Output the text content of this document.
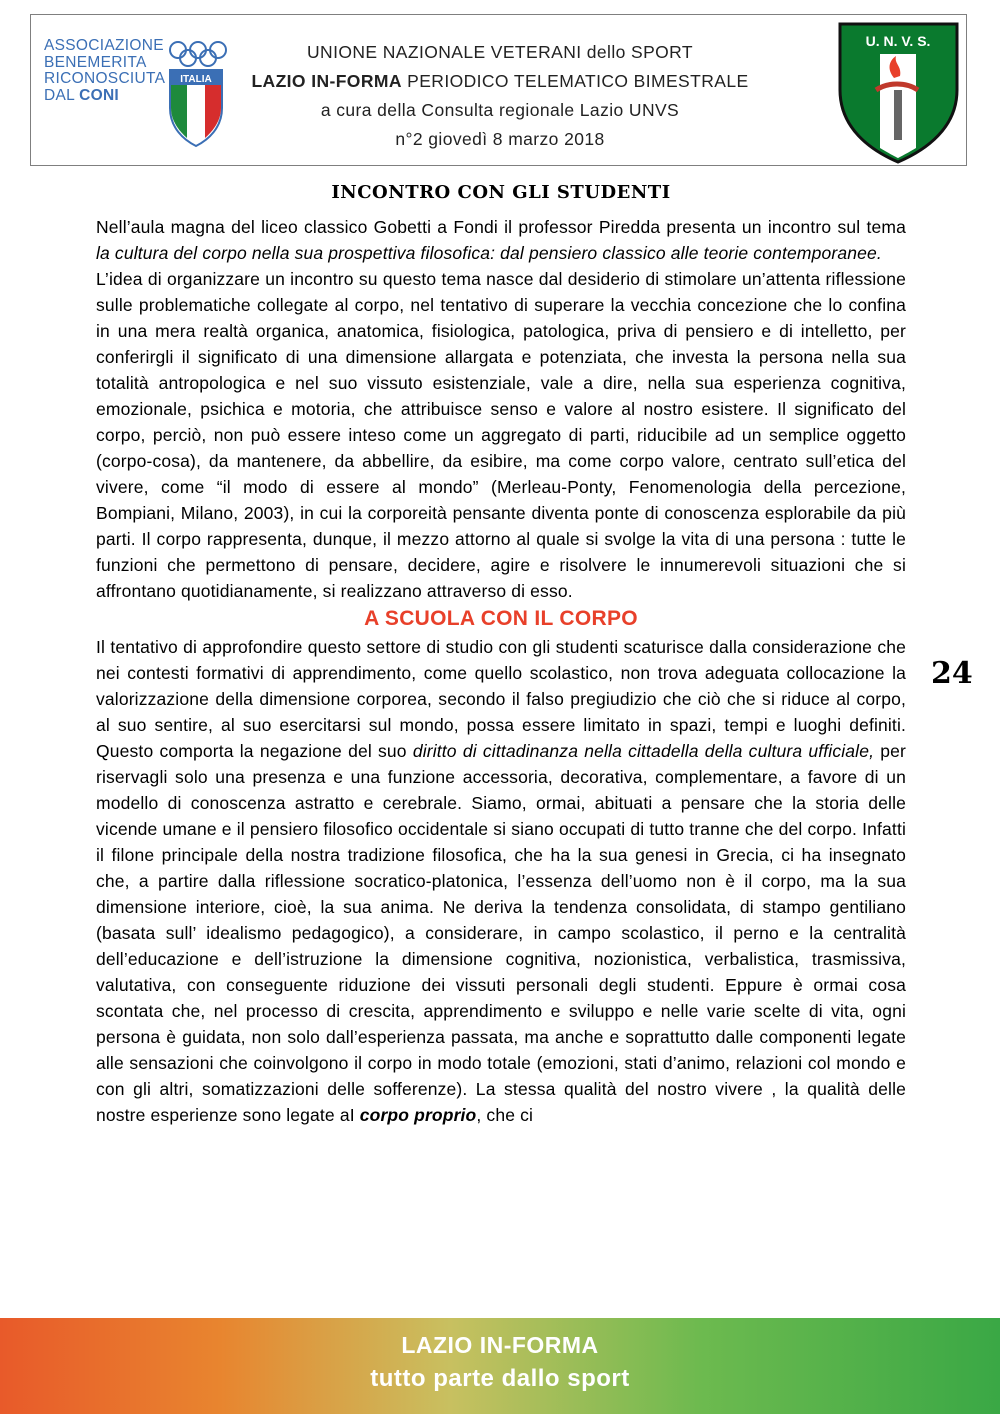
ASSOCIAZIONE
BENEMERITA
RICONOSCIUTA
DAL CONI
ITALIA
UNIONE NAZIONALE VETERANI dello SPORT
LAZIO IN-FORMA PERIODICO TELEMATICO BIMESTRALE
a cura della Consulta regionale Lazio UNVS
n°2 giovedì 8 marzo 2018
U. N. V. S.
24
INCONTRO CON GLI STUDENTI

Nell’aula magna del liceo classico Gobetti a Fondi il professor Piredda presenta un incontro sul tema la cultura del corpo nella sua prospettiva filosofica: dal pensiero classico alle teorie contemporanee.

L’idea di organizzare un incontro su questo tema nasce dal desiderio di stimolare un’attenta riflessione sulle problematiche collegate al corpo, nel tentativo di superare la vecchia concezione che lo confina in una mera realtà organica, anatomica, fisiologica, patologica, priva di pensiero e di intelletto, per conferirgli il significato di una dimensione allargata e potenziata, che investa la persona nella sua totalità antropologica e nel suo vissuto esistenziale, vale a dire, nella sua esperienza cognitiva, emozionale, psichica e motoria, che attribuisce senso e valore al nostro esistere. Il significato del corpo, perciò, non può essere inteso come un aggregato di parti, riducibile ad un semplice oggetto (corpo-cosa), da mantenere, da abbellire, da esibire, ma come corpo valore, centrato sull’etica del vivere, come “il modo di essere al mondo” (Merleau-Ponty, Fenomenologia della percezione, Bompiani, Milano, 2003), in cui la corporeità pensante diventa ponte di conoscenza esplorabile da più parti. Il corpo rappresenta, dunque, il mezzo attorno al quale si svolge la vita di una persona : tutte le funzioni che permettono di pensare, decidere, agire e risolvere le innumerevoli situazioni che si affrontano quotidianamente, si realizzano attraverso di esso.

A SCUOLA CON IL CORPO

Il tentativo di approfondire questo settore di studio con gli studenti scaturisce dalla considerazione che nei contesti formativi di apprendimento, come quello scolastico, non trova adeguata collocazione la valorizzazione della dimensione corporea, secondo il falso pregiudizio che ciò che si riduce al corpo, al suo sentire, al suo esercitarsi sul mondo, possa essere limitato in spazi, tempi e luoghi definiti. Questo comporta la negazione del suo diritto di cittadinanza nella cittadella della cultura ufficiale, per riservagli solo una presenza e una funzione accessoria, decorativa, complementare, a favore di un modello di conoscenza astratto e cerebrale. Siamo, ormai, abituati a pensare che la storia delle vicende umane e il pensiero filosofico occidentale si siano occupati di tutto tranne che del corpo. Infatti il filone principale della nostra tradizione filosofica, che ha la sua genesi in Grecia, ci ha insegnato che, a partire dalla riflessione socratico-platonica, l’essenza dell’uomo non è il corpo, ma la sua dimensione interiore, cioè, la sua anima. Ne deriva la tendenza consolidata, di stampo gentiliano (basata sull’ idealismo pedagogico), a considerare, in campo scolastico, il perno e la centralità dell’educazione e dell’istruzione la dimensione cognitiva, nozionistica, verbalistica, trasmissiva, valutativa, con conseguente riduzione dei vissuti personali degli studenti. Eppure è ormai cosa scontata che, nel processo di crescita, apprendimento e sviluppo e nelle varie scelte di vita, ogni persona è guidata, non solo dall’esperienza passata, ma anche e soprattutto dalle componenti legate alle sensazioni che coinvolgono il corpo in modo totale (emozioni, stati d’animo, relazioni col mondo e con gli altri, somatizzazioni delle sofferenze). La stessa qualità del nostro vivere , la qualità delle nostre esperienze sono legate aI corpo proprio, che ci

LAZIO IN-FORMA
tutto parte dallo sport
